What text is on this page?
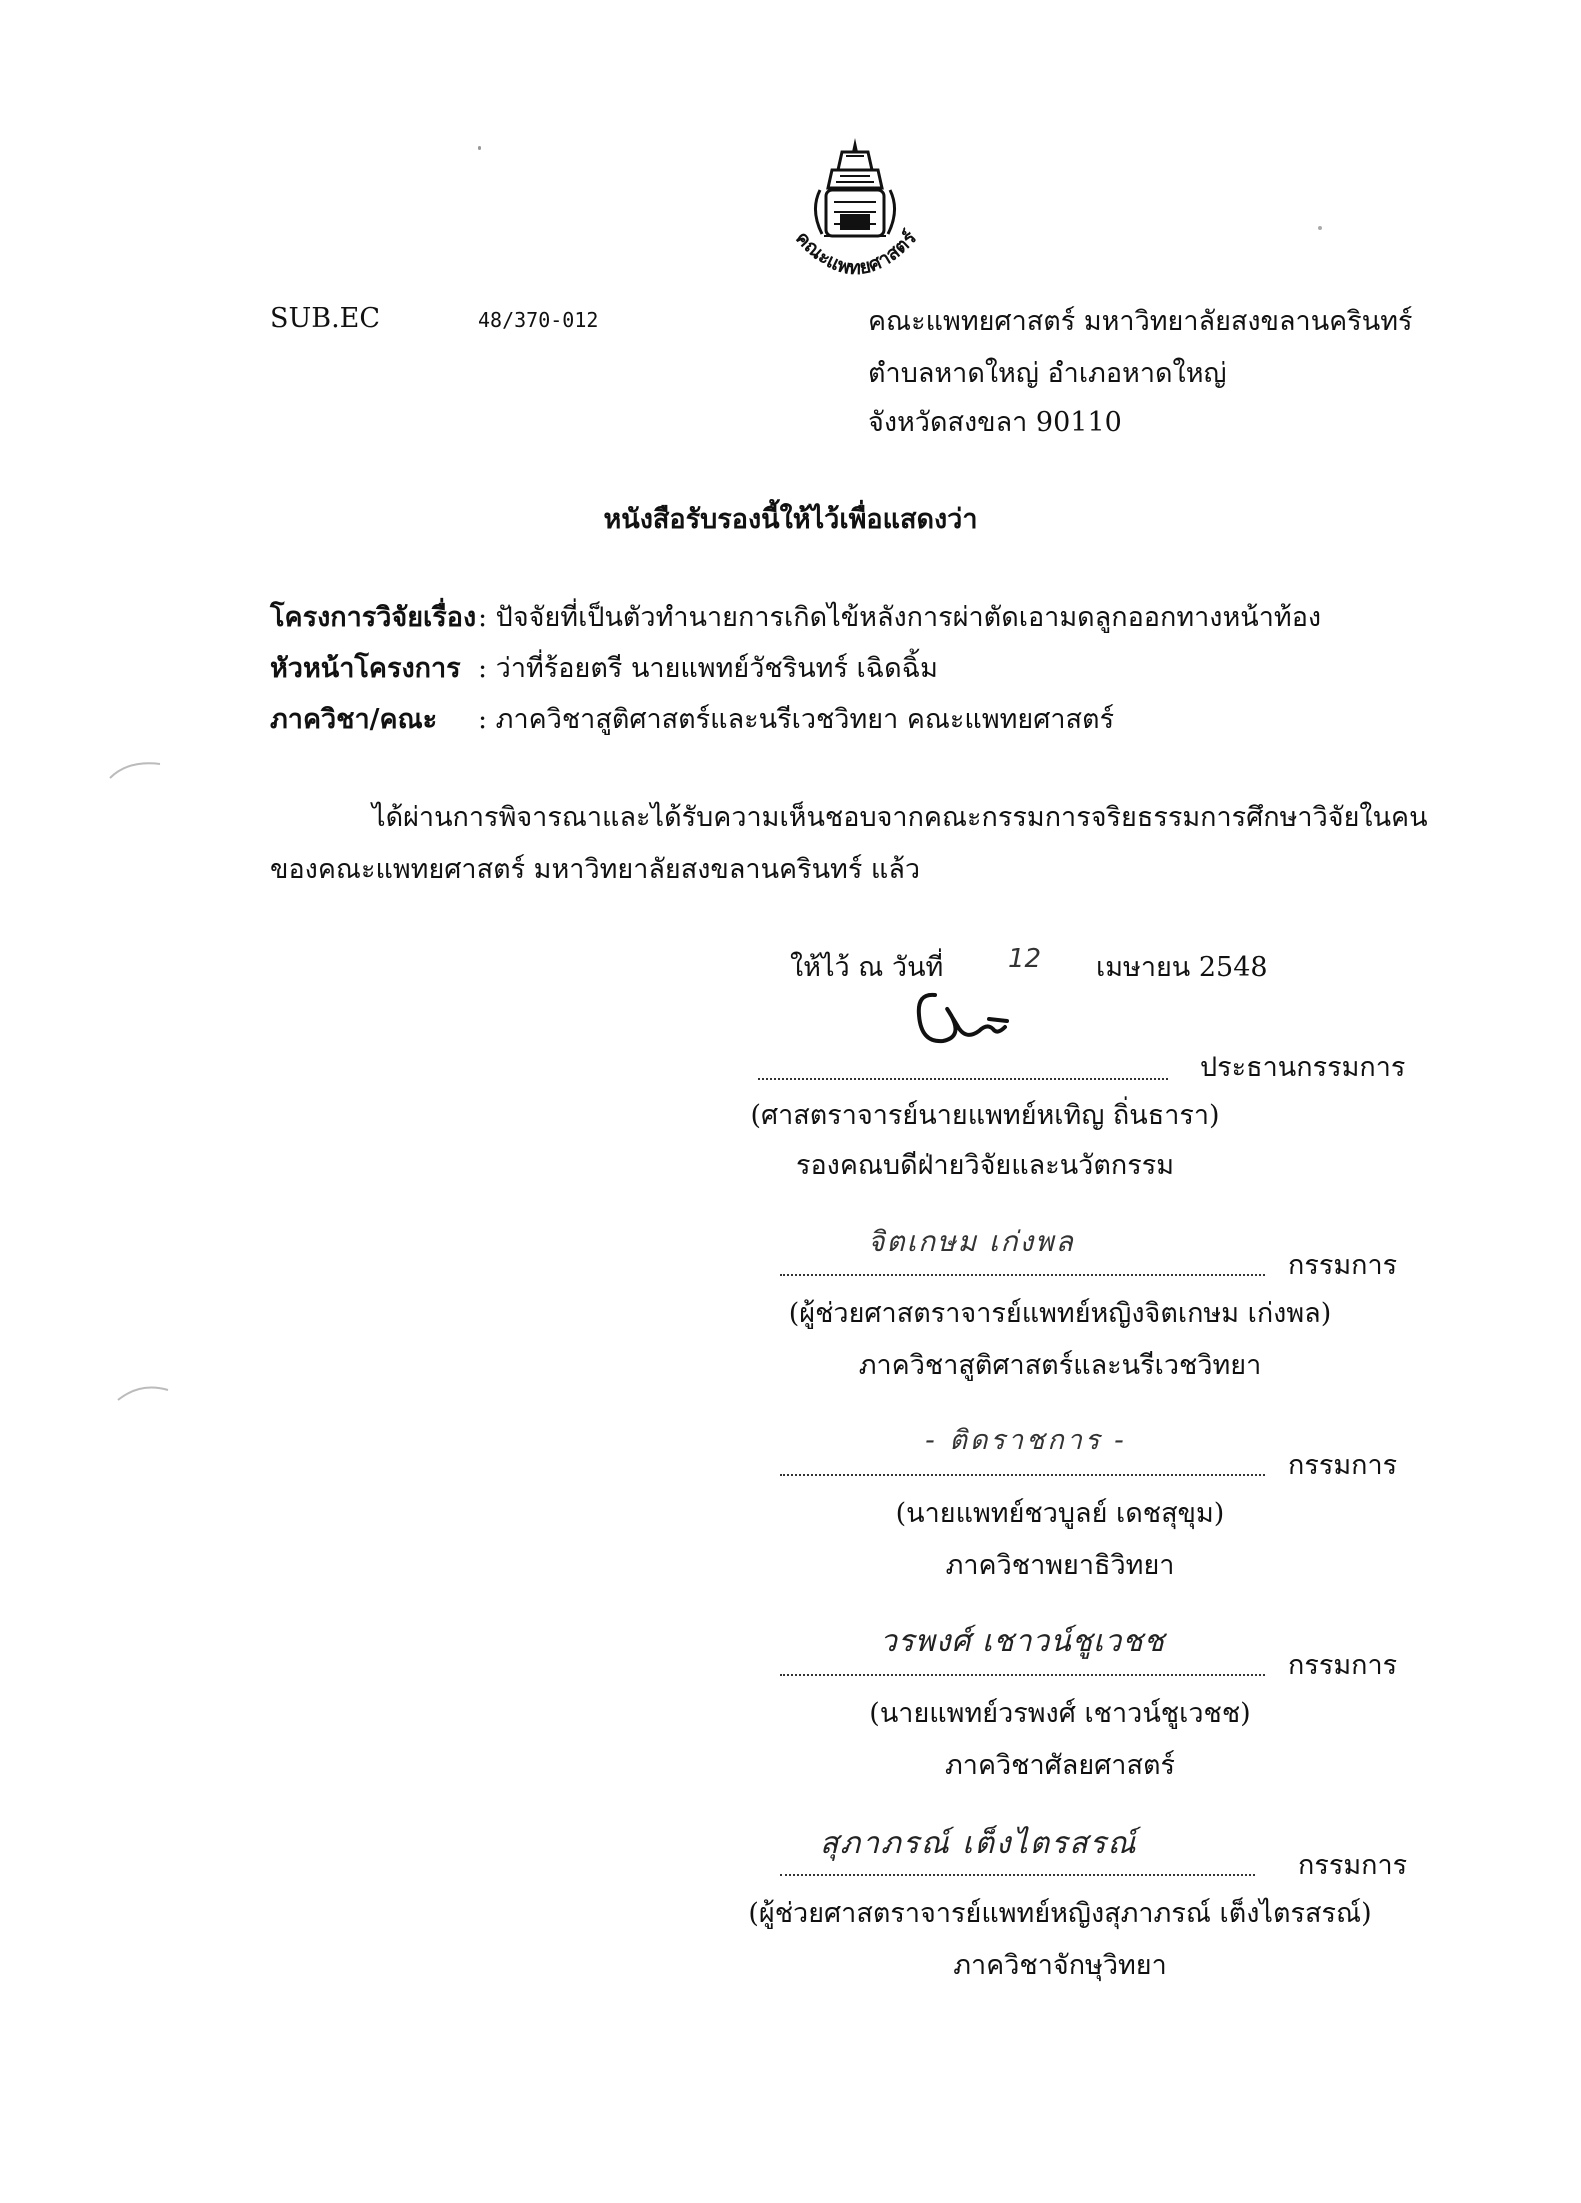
คณะแพทยศาสตร์
SUB.EC	48/370-012	คณะแพทยศาสตร์ มหาวิทยาลัยสงขลานครินทร์
ตำบลหาดใหญ่ อำเภอหาดใหญ่
จังหวัดสงขลา 90110
หนังสือรับรองนี้ให้ไว้เพื่อแสดงว่า
โครงการวิจัยเรื่อง : ปัจจัยที่เป็นตัวทำนายการเกิดไข้หลังการผ่าตัดเอามดลูกออกทางหน้าท้อง
หัวหน้าโครงการ : ว่าที่ร้อยตรี นายแพทย์วัชรินทร์ เฉิดฉิ้ม
ภาควิชา/คณะ : ภาควิชาสูติศาสตร์และนรีเวชวิทยา คณะแพทยศาสตร์
ได้ผ่านการพิจารณาและได้รับความเห็นชอบจากคณะกรรมการจริยธรรมการศึกษาวิจัยในคน
ของคณะแพทยศาสตร์ มหาวิทยาลัยสงขลานครินทร์ แล้ว
ให้ไว้ ณ วันที่ 12 เมษายน 2548
ประธานกรรมการ
(ศาสตราจารย์นายแพทย์หเทิญ ถิ่นธารา)
รองคณบดีฝ่ายวิจัยและนวัตกรรม
จิตเกษม เก่งพล
กรรมการ
(ผู้ช่วยศาสตราจารย์แพทย์หญิงจิตเกษม เก่งพล)
ภาควิชาสูติศาสตร์และนรีเวชวิทยา
- ติดราชการ -
กรรมการ
(นายแพทย์ชวบูลย์ เดชสุขุม)
ภาควิชาพยาธิวิทยา
วรพงศ์ เชาวน์ชูเวชช
กรรมการ
(นายแพทย์วรพงศ์ เชาวน์ชูเวชช)
ภาควิชาศัลยศาสตร์
สุภาภรณ์ เต็งไตรสรณ์
กรรมการ
(ผู้ช่วยศาสตราจารย์แพทย์หญิงสุภาภรณ์ เต็งไตรสรณ์)
ภาควิชาจักษุวิทยา
